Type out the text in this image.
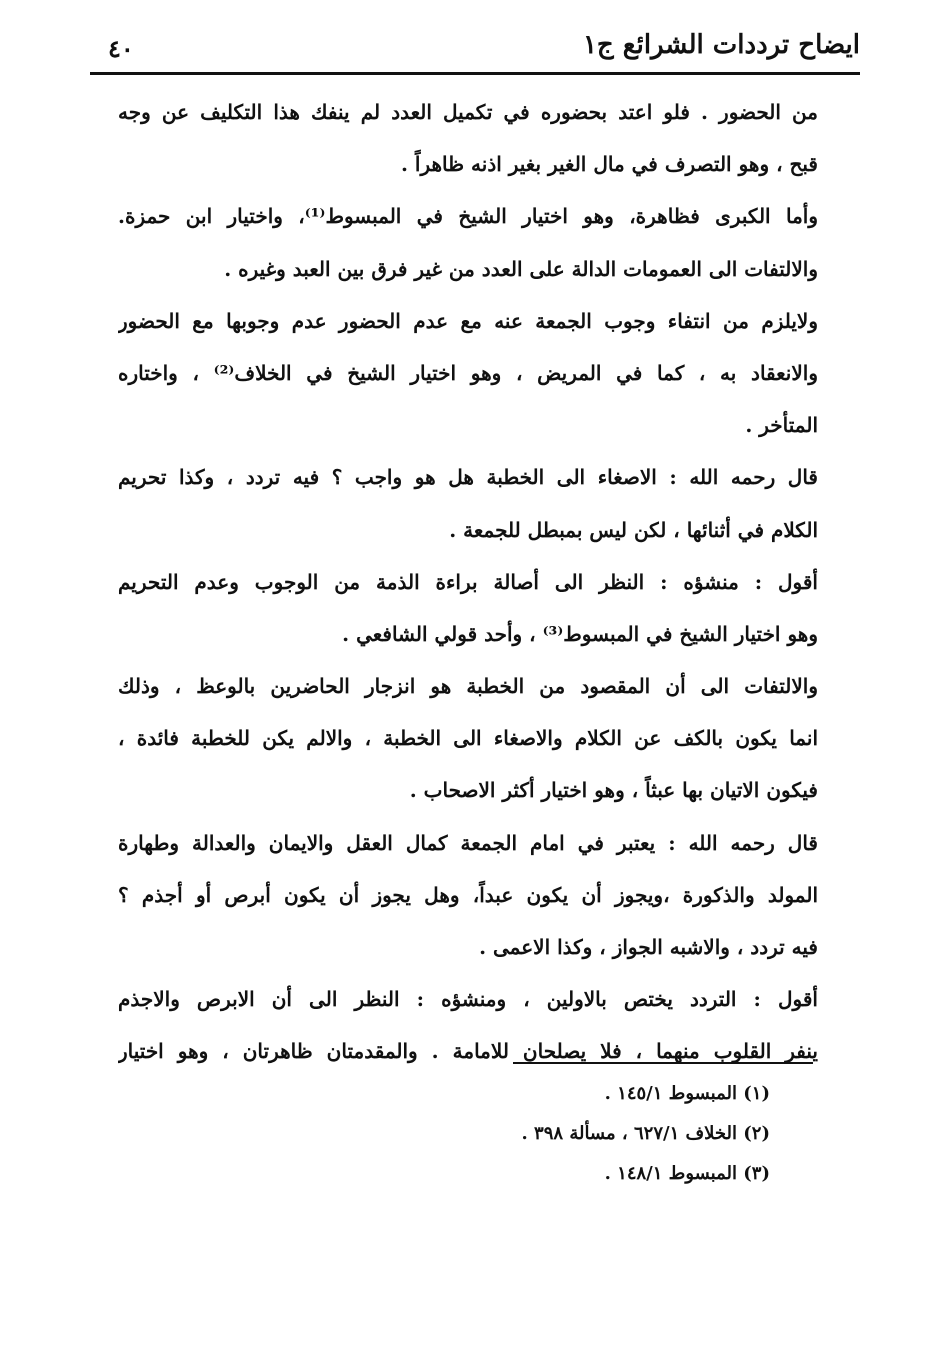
ايضاح ترددات الشرائع ج١
٤٠
من الحضور . فلو اعتد بحضوره في تكميل العدد لم ينفك هذا التكليف عن وجه
قبح ، وهو التصرف في مال الغير بغير اذنه ظاهراً .
وأما الكبرى فظاهرة، وهو اختيار الشيخ في المبسوط⁽¹⁾، واختيار ابن حمزة.
والالتفات الى العمومات الدالة على العدد من غير فرق بين العبد وغيره .
ولايلزم من انتفاء وجوب الجمعة عنه مع عدم الحضور عدم وجوبها مع الحضور
والانعقاد به ، كما في المريض ، وهو اختيار الشيخ في الخلاف⁽²⁾ ، واختاره
المتأخر .
قال رحمه الله : الاصغاء الى الخطبة هل هو واجب ؟ فيه تردد ، وكذا تحريم
الكلام في أثنائها ، لكن ليس بمبطل للجمعة .
أقول : منشؤه : النظر الى أصالة براءة الذمة من الوجوب وعدم التحريم
وهو اختيار الشيخ في المبسوط⁽³⁾ ، وأحد قولي الشافعي .
والالتفات الى أن المقصود من الخطبة هو انزجار الحاضرين بالوعظ ، وذلك
انما يكون بالكف عن الكلام والاصغاء الى الخطبة ، والالم يكن للخطبة فائدة ،
فيكون الاتيان بها عبثاً ، وهو اختيار أكثر الاصحاب .
قال رحمه الله : يعتبر في امام الجمعة كمال العقل والايمان والعدالة وطهارة
المولد والذكورة ،ويجوز أن يكون عبداً، وهل يجوز أن يكون أبرص أو أجذم ؟
فيه تردد ، والاشبه الجواز ، وكذا الاعمى .
أقول : التردد يختص بالاولين ، ومنشؤه : النظر الى أن الابرص والاجذم
ينفر القلوب منهما ، فلا يصلحان للامامة . والمقدمتان ظاهرتان ، وهو اختيار
(١) المبسوط ١٤٥/١ .
(٢) الخلاف ٦٢٧/١ ، مسألة ٣٩٨ .
(٣) المبسوط ١٤٨/١ .
